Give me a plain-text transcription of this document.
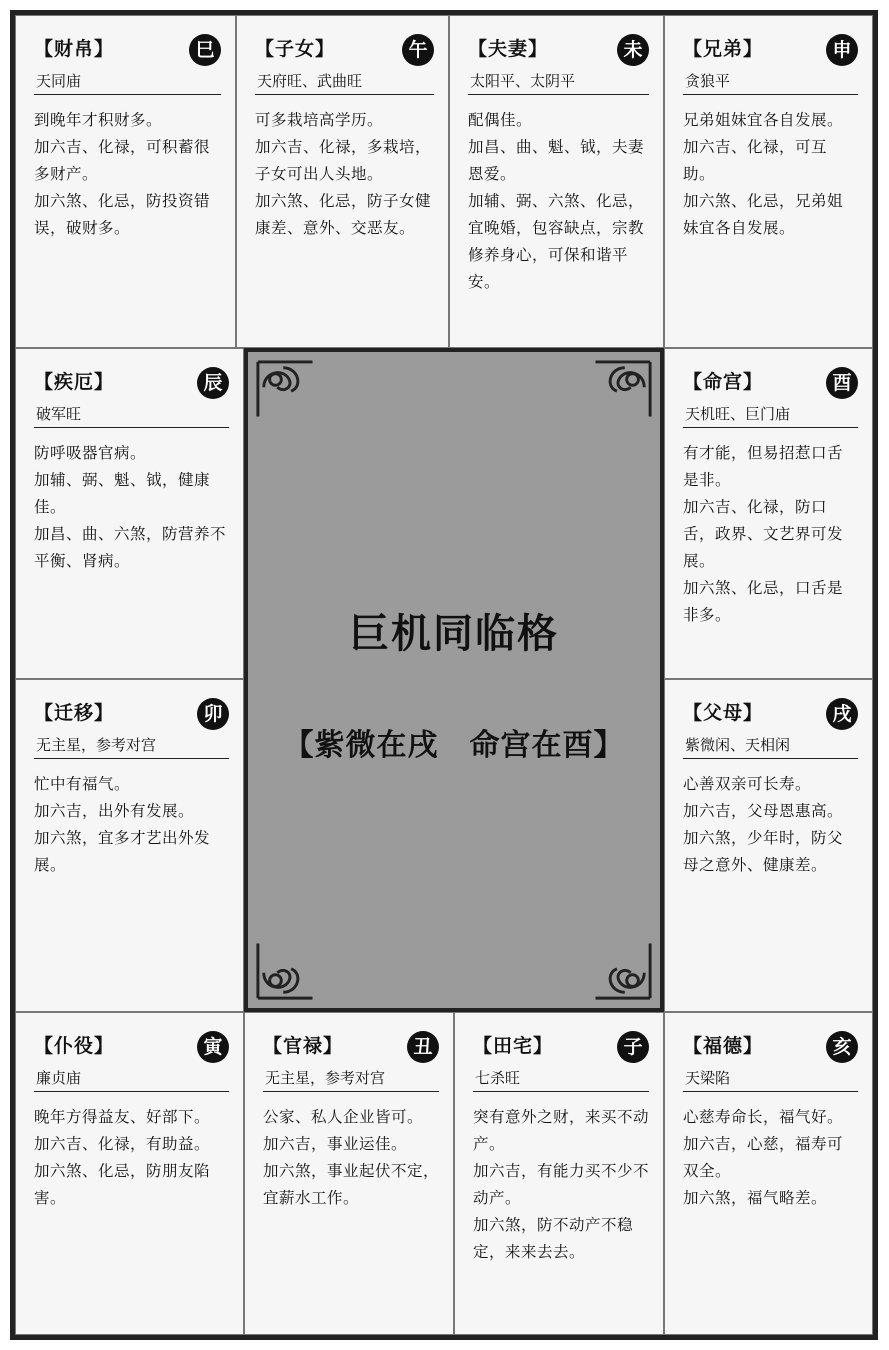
【财帛】	巳
天同庙

到晚年才积财多。

加六吉、化禄，可积蓄很多财产。

加六煞、化忌，防投资错误，破财多。

【子女】	午
天府旺、武曲旺

可多栽培高学历。

加六吉、化禄，多栽培，子女可出人头地。

加六煞、化忌，防子女健康差、意外、交恶友。

【夫妻】	未
太阳平、太阴平

配偶佳。

加昌、曲、魁、钺，夫妻恩爱。

加辅、弼、六煞、化忌，宜晚婚，包容缺点，宗教修养身心，可保和谐平安。

【兄弟】	申
贪狼平

兄弟姐妹宜各自发展。

加六吉、化禄，可互助。

加六煞、化忌，兄弟姐妹宜各自发展。

【疾厄】	辰
破军旺

防呼吸器官病。

加辅、弼、魁、钺，健康佳。

加昌、曲、六煞，防营养不平衡、肾病。

【命宫】	酉
天机旺、巨门庙

有才能，但易招惹口舌是非。

加六吉、化禄，防口舌，政界、文艺界可发展。

加六煞、化忌，口舌是非多。

【迁移】	卯
无主星，参考对宫

忙中有福气。

加六吉，出外有发展。

加六煞，宜多才艺出外发展。

【父母】	戌
紫微闲、天相闲

心善双亲可长寿。

加六吉，父母恩惠高。

加六煞，少年时，防父母之意外、健康差。

【仆役】	寅
廉贞庙

晚年方得益友、好部下。

加六吉、化禄，有助益。

加六煞、化忌，防朋友陷害。

【官禄】	丑
无主星，参考对宫

公家、私人企业皆可。

加六吉，事业运佳。

加六煞，事业起伏不定，宜薪水工作。

【田宅】	子
七杀旺

突有意外之财，来买不动产。

加六吉，有能力买不少不动产。

加六煞，防不动产不稳定，来来去去。

【福德】	亥
天梁陷

心慈寿命长，福气好。

加六吉，心慈，福寿可双全。

加六煞，福气略差。

巨机同临格
【紫微在戌　命宫在酉】
